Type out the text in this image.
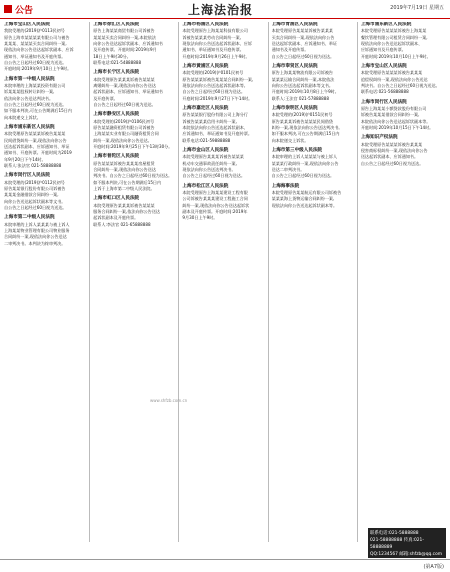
公告	上海法治报	2019年7月19日 星期五
上海市宝山区人民法院
我院受理的(2019)沪0113民初号
原告上海市某某某某有限公司与被告
某某某、某某某买卖合同纠纷一案,
现依法向你公告送达起诉状副本、应诉
通知书、举证通知书及开庭传票。
自公告之日起经过60日视为送达。
开庭时间:2019年9月10日上午9时。
上海市第一中级人民法院
本院审理的上海某某投资有限公司
诉某某某股权转让纠纷一案,
依法向你公告送达判决书。
自公告之日起经过60日视为送达。
如不服本判决,可在公告期满后15日内
向本院递交上诉状。
上海市浦东新区人民法院
本院受理原告某某某诉被告某某某
民间借贷纠纷一案,现依法向你公告
送达起诉状副本、应诉通知书、举证
通知书、开庭传票。开庭时间为2019
年9月20日下午14时。
联系人:张法官 021-58888888
上海市闵行区人民法院
本院受理的(2019)沪0112民初号
原告某某银行股份有限公司诉被告
某某某金融借款合同纠纷一案,
向你公告送达起诉状副本等文书。
自公告之日起经过60日视为送达。
上海市第二中级人民法院
本院审理的上诉人某某某与被上诉人
上海某某物业管理有限公司物业服务
合同纠纷一案,现依法向你公告送达
二审判决书。本判决为终审判决。
上海市徐汇区人民法院
原告上海某某商贸有限公司诉被告
某某某买卖合同纠纷一案,本院依法
向你公告送达起诉状副本、应诉通知书
及开庭传票。开庭时间:2019年9月
18日上午9时30分。
联系电话:021-54888888
上海市长宁区人民法院
本院受理原告某某某诉被告某某某
离婚纠纷一案,现依法向你公告送达
起诉状副本、应诉通知书、举证通知书
及开庭传票。
自公告之日起经过60日视为送达。
上海市静安区人民法院
本院受理的(2019)沪0106民初号
原告某某融资租赁有限公司诉被告
上海某某实业有限公司融资租赁合同
纠纷一案,现依法向你公告送达。
开庭时间:2019年9月25日下午13时30分。
上海市普陀区人民法院
原告某某某诉被告某某某房屋租赁
合同纠纷一案,现依法向你公告送达
判决书。自公告之日起经过60日视为送达。
如不服本判决,可在公告期满后15日内
上诉于上海市第二中级人民法院。
上海市虹口区人民法院
本院受理原告某某某诉被告某某某
服务合同纠纷一案,依法向你公告送达
起诉状副本及开庭传票。
联系人:李法官 021-65888888
上海市杨浦区人民法院
本院受理原告上海某某科技有限公司
诉被告某某某劳动合同纠纷一案,
现依法向你公告送达起诉状副本、应诉
通知书、举证通知书及开庭传票。
开庭时间:2019年9月26日上午9时。
上海市黄浦区人民法院
本院受理的(2019)沪0101民初号
原告某某某诉被告某某某合同纠纷一案,
现依法向你公告送达起诉状副本等。
自公告之日起经过60日视为送达。
开庭时间:2019年9月27日下午14时。
上海市嘉定区人民法院
原告某某银行股份有限公司上海分行
诉被告某某某信用卡纠纷一案,
本院依法向你公告送达起诉状副本、
应诉通知书、举证通知书及开庭传票。
联系电话:021-59888888
上海市金山区人民法院
本院受理原告某某某诉被告某某某
机动车交通事故责任纠纷一案,
现依法向你公告送达判决书。
自公告之日起经过60日视为送达。
上海市松江区人民法院
本院受理原告上海某某建设工程有限
公司诉被告某某某建设工程施工合同
纠纷一案,现依法向你公告送达起诉状
副本及开庭传票。开庭时间:2019年
9月30日上午9时。
上海市青浦区人民法院
本院受理原告某某某诉被告某某某
买卖合同纠纷一案,现依法向你公告
送达起诉状副本、应诉通知书、举证
通知书及开庭传票。
自公告之日起经过60日视为送达。
上海市奉贤区人民法院
原告上海某某物流有限公司诉被告
某某某运输合同纠纷一案,本院依法
向你公告送达起诉状副本等文书。
开庭时间:2019年10月8日上午9时。
联系人:王法官 021-57888888
上海市崇明区人民法院
本院受理的(2019)沪0151民初号
原告某某某诉被告某某某民间借贷
纠纷一案,现依法向你公告送达判决书。
如不服本判决,可在公告期满后15日内
向本院递交上诉状。
上海市第三中级人民法院
本院审理的上诉人某某某与被上诉人
某某某行政纠纷一案,现依法向你公告
送达二审判决书。
自公告之日起经过60日视为送达。
上海海事法院
本院受理原告某某航运有限公司诉被告
某某某海上货物运输合同纠纷一案,
现依法向你公告送达起诉状副本等。
上海市浦东新区人民法院
本院受理原告某某某诉被告上海某某
餐饮管理有限公司租赁合同纠纷一案,
现依法向你公告送达起诉状副本、
应诉通知书及开庭传票。
开庭时间:2019年10月10日上午9时。
上海市宝山区人民法院
本院受理原告某某某诉被告某某某
追偿权纠纷一案,现依法向你公告送达
判决书。自公告之日起经过60日视为送达。
联系电话:021-56888888
上海市闵行区人民法院
原告上海某某小额贷款股份有限公司
诉被告某某某借款合同纠纷一案,
本院依法向你公告送达起诉状副本等。
开庭时间:2019年10月15日下午14时。
上海知识产权法院
本院受理原告某某某诉被告某某某
侵害商标权纠纷一案,现依法向你公告
送达起诉状副本、应诉通知书。
自公告之日起经过60日视为送达。
www.shfzb.com.cn
联系电话:021-5888888
021-58888888 传真:021-58888889
QQ:1234567 邮箱:shfzb@qq.com
(第A7版)
